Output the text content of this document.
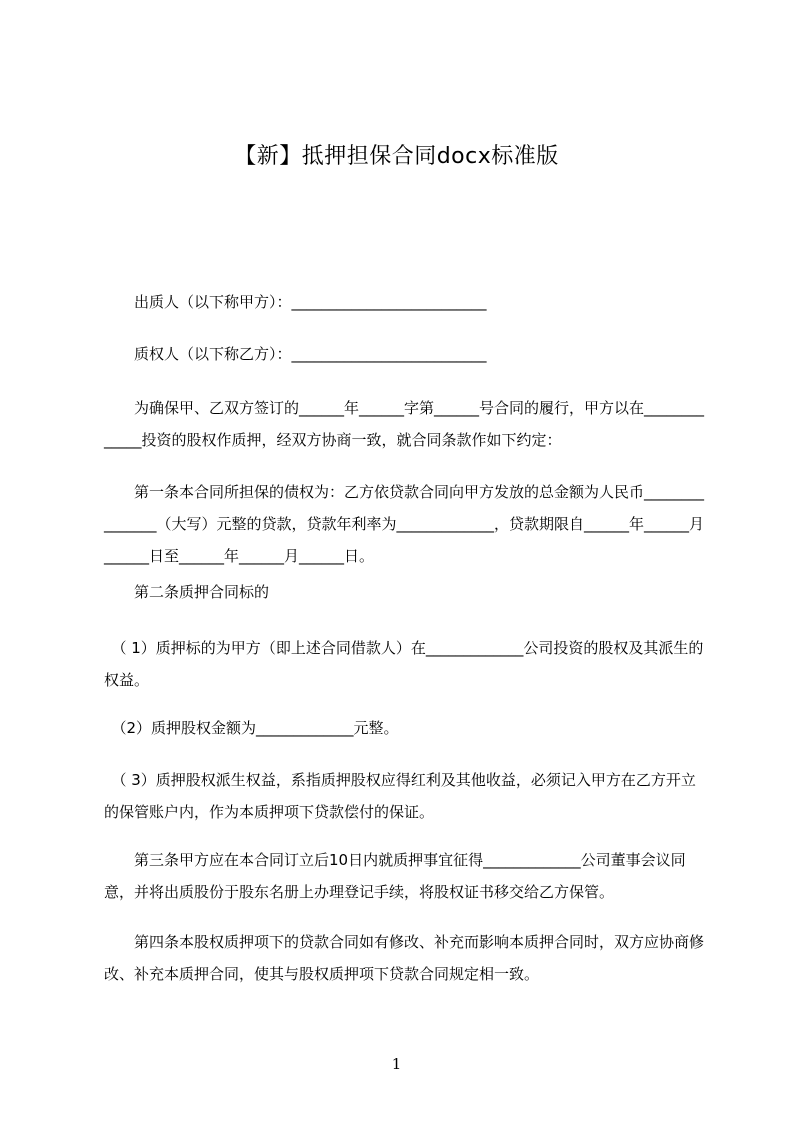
【新】抵押担保合同docx标准版
　　出质人（以下称甲方）：__________________________
　　质权人（以下称乙方）：__________________________
　　为确保甲、乙双方签订的______年______字第______号合同的履行，甲方以在_____________投资的股权作质押，经双方协商一致，就合同条款作如下约定：
　　第一条本合同所担保的债权为：乙方依贷款合同向甲方发放的总金额为人民币_______________（大写）元整的贷款，贷款年利率为_____________，贷款期限自______年______月______日至______年______月______日。
　　第二条质押合同标的
　（ 1）质押标的为甲方（即上述合同借款人）在_____________公司投资的股权及其派生的权益。
　（2）质押股权金额为_____________元整。
　（ 3）质押股权派生权益，系指质押股权应得红利及其他收益，必须记入甲方在乙方开立的保管账户内，作为本质押项下贷款偿付的保证。
　　第三条甲方应在本合同订立后10日内就质押事宜征得_____________公司董事会议同意，并将出质股份于股东名册上办理登记手续，将股权证书移交给乙方保管。
　　第四条本股权质押项下的贷款合同如有修改、补充而影响本质押合同时，双方应协商修改、补充本质押合同，使其与股权质押项下贷款合同规定相一致。
1
